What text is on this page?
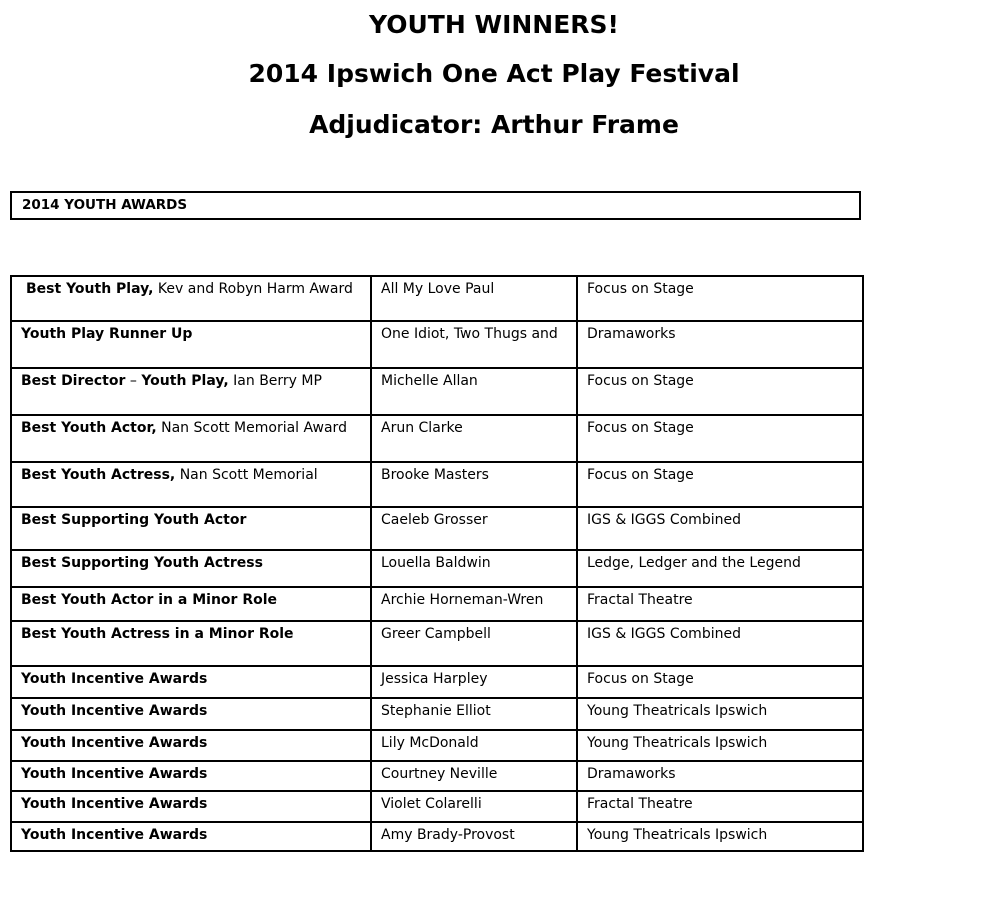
YOUTH WINNERS!
2014 Ipswich One Act Play Festival
Adjudicator: Arthur Frame
2014 YOUTH AWARDS
Best Youth Play, Kev and Robyn Harm Award	All My Love Paul	Focus on Stage
Youth Play Runner Up	One Idiot, Two Thugs and	Dramaworks
Best Director – Youth Play, Ian Berry MP	Michelle Allan	Focus on Stage
Best Youth Actor, Nan Scott Memorial Award	Arun Clarke	Focus on Stage
Best Youth Actress, Nan Scott Memorial	Brooke Masters	Focus on Stage
Best Supporting Youth Actor	Caeleb Grosser	IGS & IGGS Combined
Best Supporting Youth Actress	Louella Baldwin	Ledge, Ledger and the Legend
Best Youth Actor in a Minor Role	Archie Horneman-Wren	Fractal Theatre
Best Youth Actress in a Minor Role	Greer Campbell	IGS & IGGS Combined
Youth Incentive Awards	Jessica Harpley	Focus on Stage
Youth Incentive Awards	Stephanie Elliot	Young Theatricals Ipswich
Youth Incentive Awards	Lily McDonald	Young Theatricals Ipswich
Youth Incentive Awards	Courtney Neville	Dramaworks
Youth Incentive Awards	Violet Colarelli	Fractal Theatre
Youth Incentive Awards	Amy Brady-Provost	Young Theatricals Ipswich
